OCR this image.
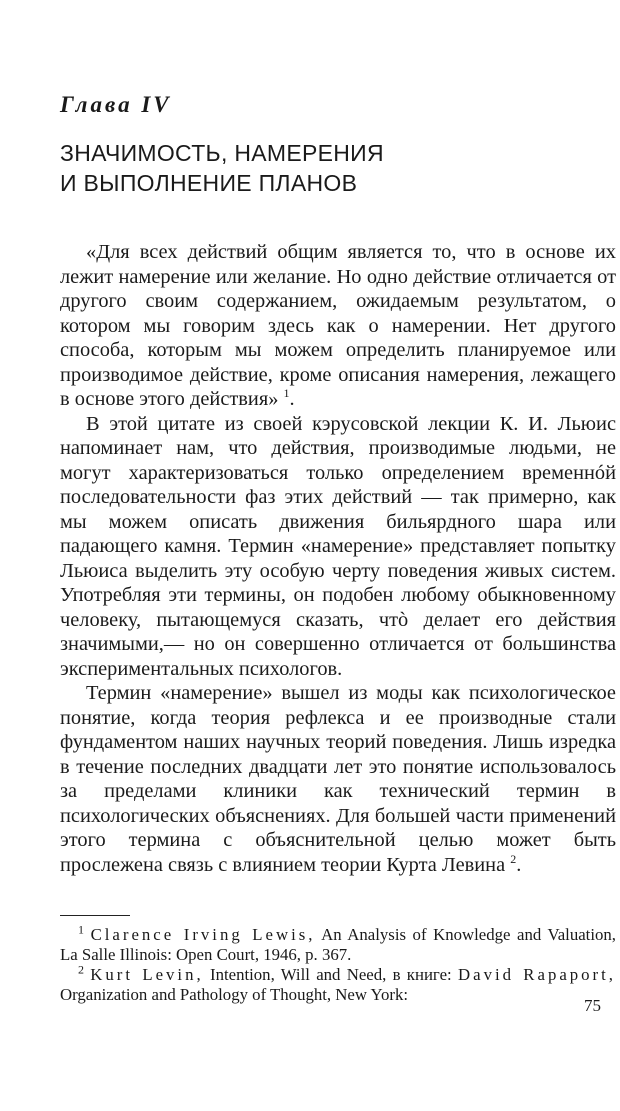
Глава IV
ЗНАЧИМОСТЬ, НАМЕРЕНИЯ
И ВЫПОЛНЕНИЕ ПЛАНОВ

«Для всех действий общим является то, что в основе их лежит намерение или желание. Но одно действие отличается от другого своим содержанием, ожидаемым результатом, о котором мы говорим здесь как о намерении. Нет другого способа, которым мы можем определить планируемое или производимое действие, кроме описания намерения, лежащего в основе этого действия» $^1$.

В этой цитате из своей кэрусовской лекции К. И. Льюис напоминает нам, что действия, производимые людьми, не могут характеризоваться только определением временнóй последовательности фаз этих действий — так примерно, как мы можем описать движения бильярдного шара или падающего камня. Термин «намерение» представляет попытку Льюиса выделить эту особую черту поведения живых систем. Употребляя эти термины, он подобен любому обыкновенному человеку, пытающемуся сказать, чтò делает его действия значимыми,— но он совершенно отличается от большинства экспериментальных психологов.

Термин «намерение» вышел из моды как психологическое понятие, когда теория рефлекса и ее производные стали фундаментом наших научных теорий поведения. Лишь изредка в течение последних двадцати лет это понятие использовалось за пределами клиники как технический термин в психологических объяснениях. Для большей части применений этого термина с объяснительной целью может быть прослежена связь с влиянием теории Курта Левина $^2$.

$^1$ Clarence Irving Lewis, An Analysis of Knowledge and Valuation, La Salle Illinois: Open Court, 1946, p. 367.

$^2$ Kurt Levin, Intention, Will and Need, в книге: David Rapaport, Organization and Pathology of Thought, New York:

75
